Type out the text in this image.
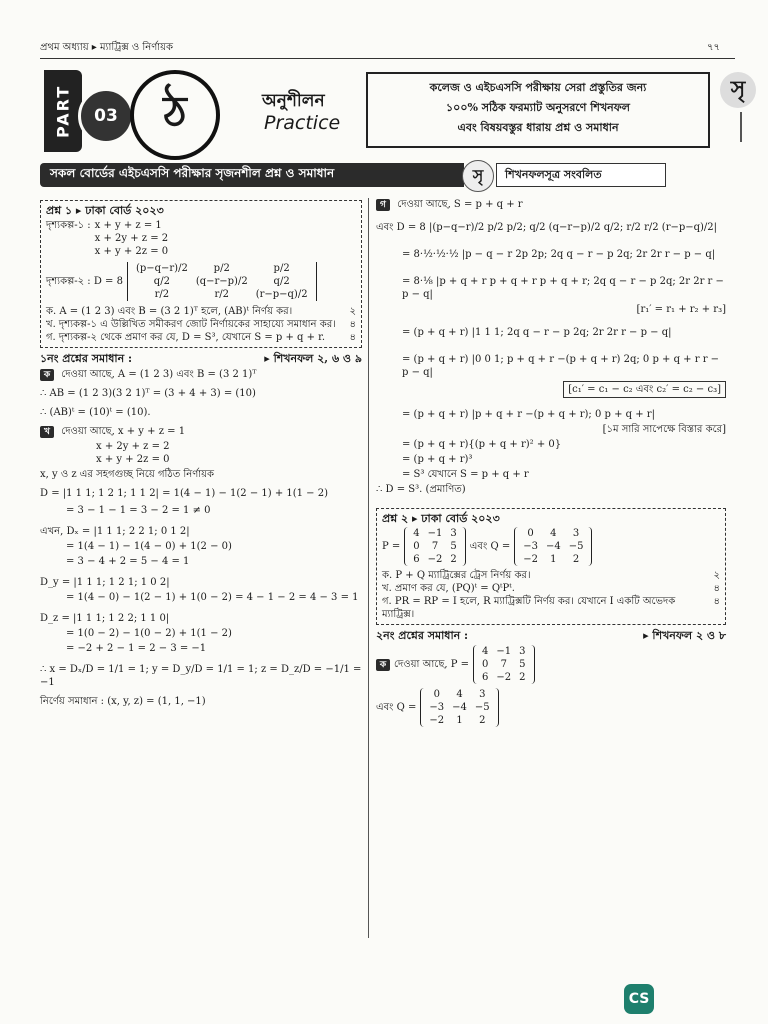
প্রথম অধ্যায় ▸ ম্যাট্রিক্স ও নির্ণায়ক	৭৭
PART	03	ঠ	অনুশীলন
Practice
কলেজ ও এইচএসসি পরীক্ষায় সেরা প্রস্তুতির জন্য
১০০% সঠিক ফরম্যাট অনুসরণে শিখনফল
এবং বিষয়বস্তুর ধারায় প্রশ্ন ও সমাধান
সৃ
সকল বোর্ডের এইচএসসি পরীক্ষার সৃজনশীল প্রশ্ন ও সমাধান	সৃ	শিখনফলসূত্র সংবলিত
প্রশ্ন ১ ▸ ঢাকা বোর্ড ২০২৩
দৃশ্যকল্প-১ : x + y + z = 1
x + 2y + z = 2
x + y + 2z = 0
দৃশ্যকল্প-২ : D = 8
(p−q−r)/2	p/2	p/2
q/2	(q−r−p)/2	q/2
r/2	r/2	(r−p−q)/2
ক. A = (1 2 3) এবং B = (3 2 1)ᵀ হলে, (AB)ᵗ নির্ণয় কর।	২
খ. দৃশ্যকল্প-১ এ উল্লিখিত সমীকরণ জোট নির্ণায়কের সাহায্যে সমাধান কর। ৪
গ. দৃশ্যকল্প-২ থেকে প্রমাণ কর যে, D = S³, যেখানে S = p + q + r. ৪
১নং প্রশ্নের সমাধান :	▸ শিখনফল ২, ৬ ও ৯
ক দেওয়া আছে, A = (1 2 3) এবং B = (3 2 1)ᵀ
∴ AB = (1 2 3)(3 2 1)ᵀ = (3 + 4 + 3) = (10)
∴ (AB)ᵗ = (10)ᵗ = (10).
খ দেওয়া আছে, x + y + z = 1
x + 2y + z = 2
x + y + 2z = 0
x, y ও z এর সহগগুচ্ছ নিয়ে গঠিত নির্ণায়ক
D = |1 1 1; 1 2 1; 1 1 2| = 1(4 − 1) − 1(2 − 1) + 1(1 − 2)
= 3 − 1 − 1 = 3 − 2 = 1 ≠ 0
এখন, Dₓ = |1 1 1; 2 2 1; 0 1 2|
= 1(4 − 1) − 1(4 − 0) + 1(2 − 0)
= 3 − 4 + 2 = 5 − 4 = 1
D_y = |1 1 1; 1 2 1; 1 0 2|
= 1(4 − 0) − 1(2 − 1) + 1(0 − 2) = 4 − 1 − 2 = 4 − 3 = 1
D_z = |1 1 1; 1 2 2; 1 1 0|
= 1(0 − 2) − 1(0 − 2) + 1(1 − 2)
= −2 + 2 − 1 = 2 − 3 = −1
∴ x = Dₓ/D = 1/1 = 1; y = D_y/D = 1/1 = 1; z = D_z/D = −1/1 = −1
নির্ণেয় সমাধান : (x, y, z) = (1, 1, −1)
গ দেওয়া আছে, S = p + q + r
এবং D = 8 |(p−q−r)/2 p/2 p/2; q/2 (q−r−p)/2 q/2; r/2 r/2 (r−p−q)/2|
= 8·½·½·½ |p − q − r 2p 2p; 2q q − r − p 2q; 2r 2r r − p − q|
= 8·⅛ |p + q + r p + q + r p + q + r; 2q q − r − p 2q; 2r 2r r − p − q|
[r₁′ = r₁ + r₂ + r₃]
= (p + q + r) |1 1 1; 2q q − r − p 2q; 2r 2r r − p − q|
= (p + q + r) |0 0 1; p + q + r −(p + q + r) 2q; 0 p + q + r r − p − q|
[c₁′ = c₁ − c₂ এবং c₂′ = c₂ − c₃]
= (p + q + r) |p + q + r −(p + q + r); 0 p + q + r|
[১ম সারি সাপেক্ষে বিস্তার করে]
= (p + q + r){(p + q + r)² + 0}
= (p + q + r)³
= S³ যেখানে S = p + q + r
∴ D = S³. (প্রমাণিত)
প্রশ্ন ২ ▸ ঢাকা বোর্ড ২০২৩
P =
4	−1	3
0	7	5
6	−2	2
এবং Q =
0	4	3
−3	−4	−5
−2	1	2
ক. P + Q ম্যাট্রিক্সের ট্রেস নির্ণয় কর।	২
খ. প্রমাণ কর যে, (PQ)ᵗ = QᵗPᵗ.	৪
গ. PR = RP = I হলে, R ম্যাট্রিক্সটি নির্ণয় কর। যেখানে I একটি অভেদক ম্যাট্রিক্স।
৪
২নং প্রশ্নের সমাধান :	▸ শিখনফল ২ ও ৮
ক দেওয়া আছে, P =
4	−1	3
0	7	5
6	−2	2
এবং Q =
0	4	3
−3	−4	−5
−2	1	2
CS
